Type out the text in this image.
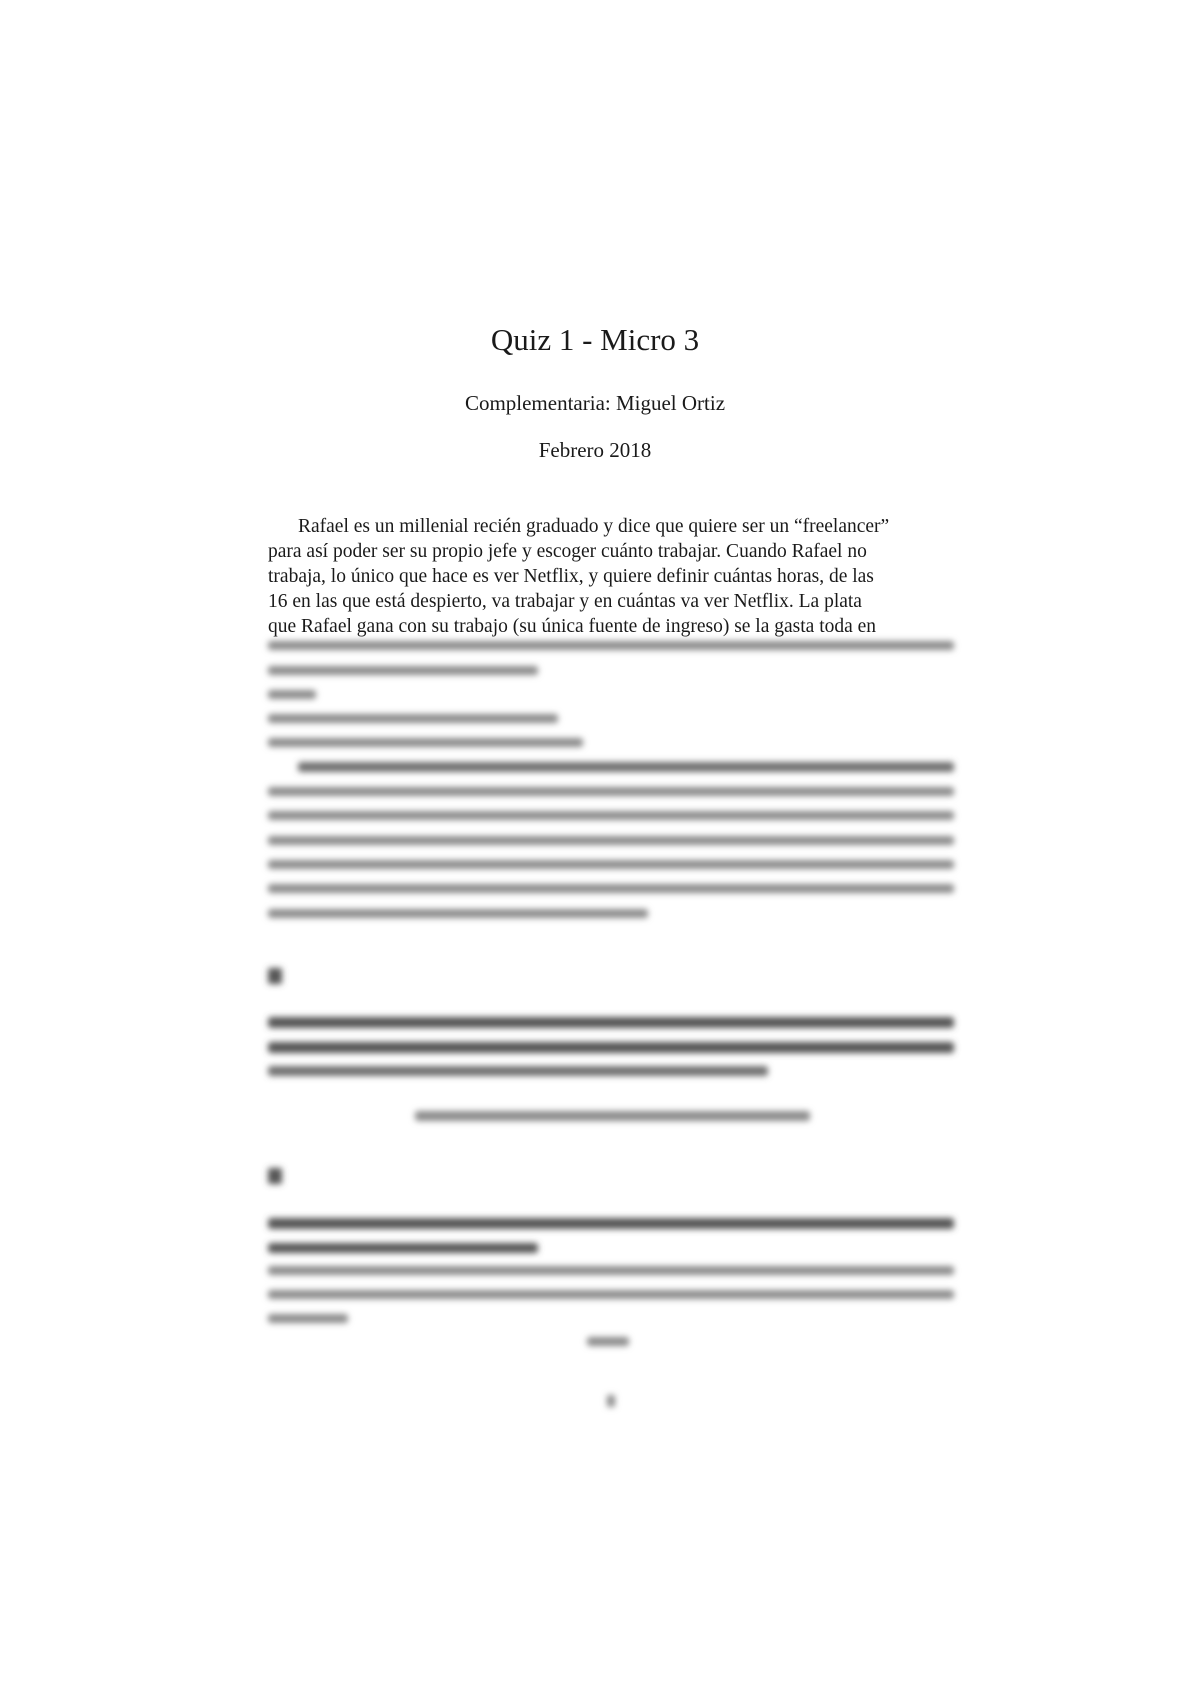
Quiz 1 - Micro 3
Complementaria: Miguel Ortiz
Febrero 2018
Rafael es un millenial recién graduado y dice que quiere ser un “freelancer”
para así poder ser su propio jefe y escoger cuánto trabajar. Cuando Rafael no
trabaja, lo único que hace es ver Netflix, y quiere definir cuántas horas, de las
16 en las que está despierto, va trabajar y en cuántas va ver Netflix. La plata
que Rafael gana con su trabajo (su única fuente de ingreso) se la gasta toda en
